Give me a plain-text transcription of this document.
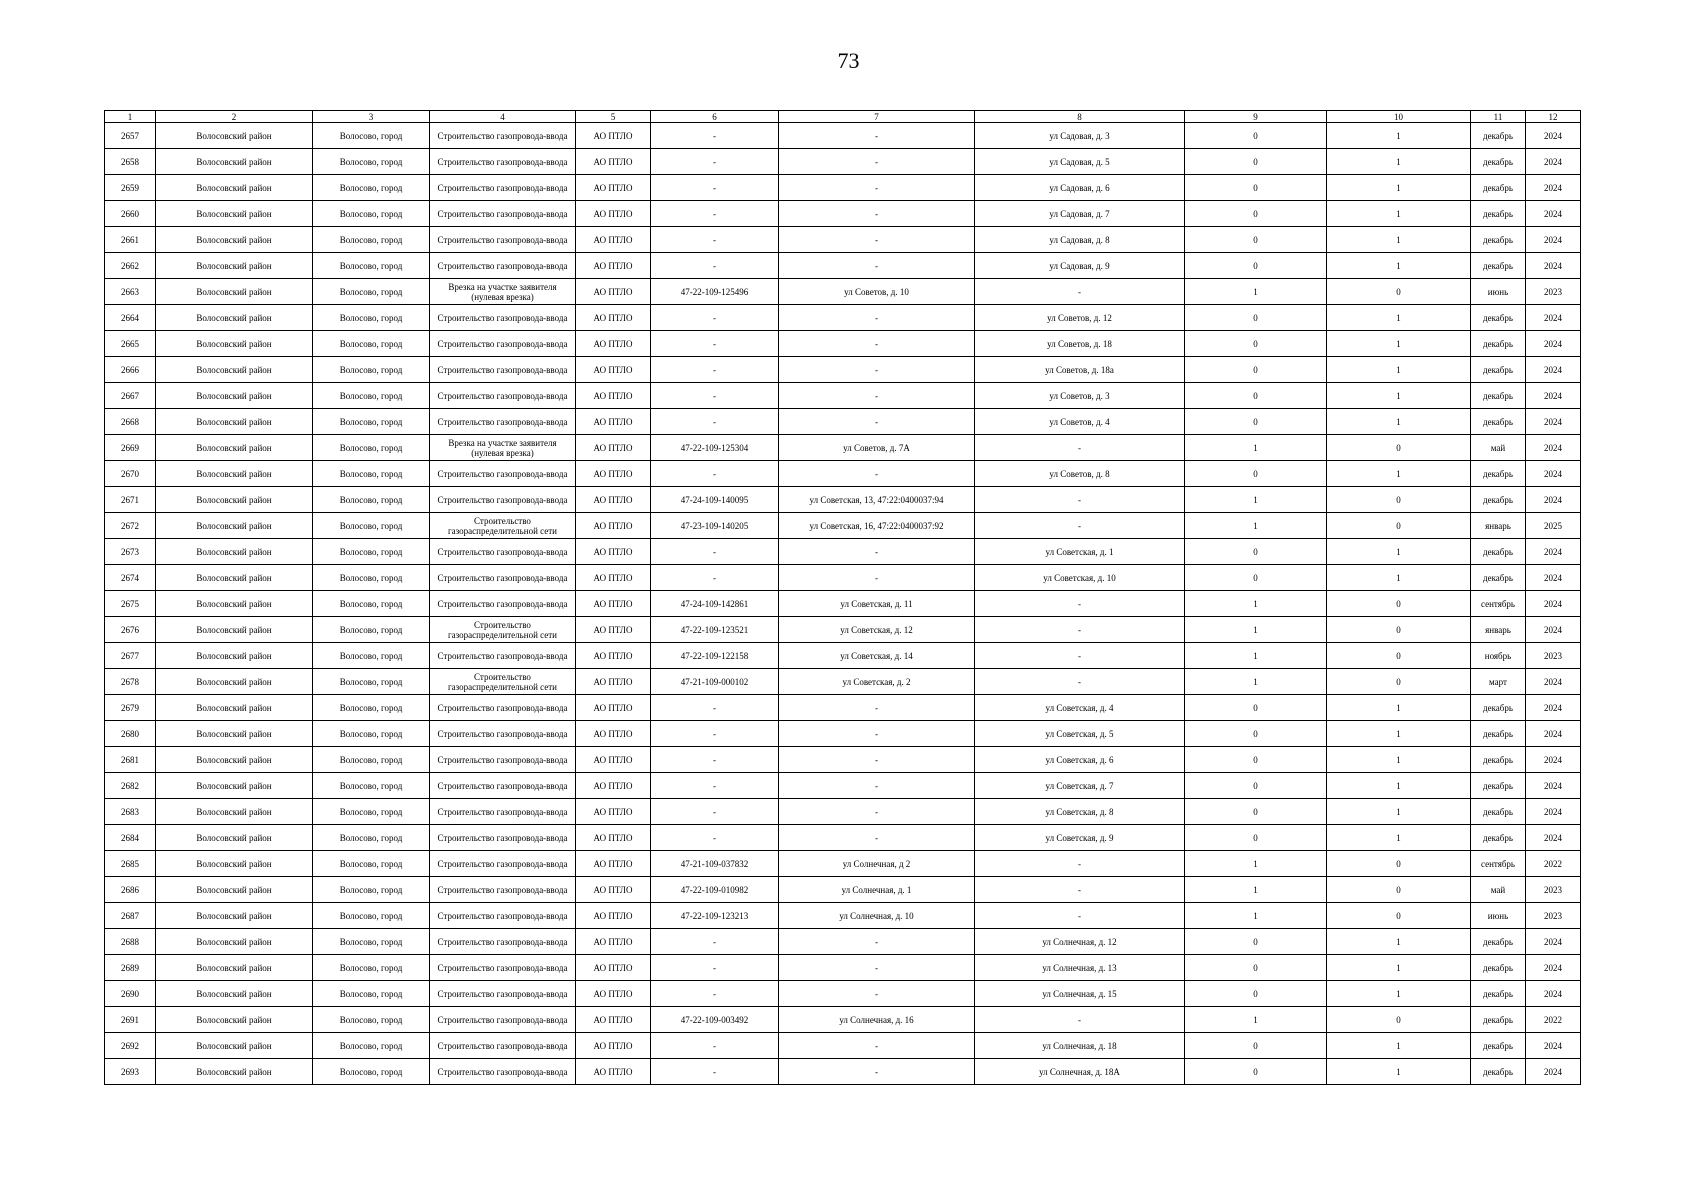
73
1	2	3	4	5	6	7	8	9	10	11	12
2657	Волосовский район	Волосово, город	Строительство газопровода-ввода	АО ПТЛО	-	-	ул Садовая, д. 3	0	1	декабрь	2024
2658	Волосовский район	Волосово, город	Строительство газопровода-ввода	АО ПТЛО	-	-	ул Садовая, д. 5	0	1	декабрь	2024
2659	Волосовский район	Волосово, город	Строительство газопровода-ввода	АО ПТЛО	-	-	ул Садовая, д. 6	0	1	декабрь	2024
2660	Волосовский район	Волосово, город	Строительство газопровода-ввода	АО ПТЛО	-	-	ул Садовая, д. 7	0	1	декабрь	2024
2661	Волосовский район	Волосово, город	Строительство газопровода-ввода	АО ПТЛО	-	-	ул Садовая, д. 8	0	1	декабрь	2024
2662	Волосовский район	Волосово, город	Строительство газопровода-ввода	АО ПТЛО	-	-	ул Садовая, д. 9	0	1	декабрь	2024
2663	Волосовский район	Волосово, город	Врезка на участке заявителя (нулевая врезка)	АО ПТЛО	47-22-109-125496	ул Советов, д. 10	-	1	0	июнь	2023
2664	Волосовский район	Волосово, город	Строительство газопровода-ввода	АО ПТЛО	-	-	ул Советов, д. 12	0	1	декабрь	2024
2665	Волосовский район	Волосово, город	Строительство газопровода-ввода	АО ПТЛО	-	-	ул Советов, д. 18	0	1	декабрь	2024
2666	Волосовский район	Волосово, город	Строительство газопровода-ввода	АО ПТЛО	-	-	ул Советов, д. 18а	0	1	декабрь	2024
2667	Волосовский район	Волосово, город	Строительство газопровода-ввода	АО ПТЛО	-	-	ул Советов, д. 3	0	1	декабрь	2024
2668	Волосовский район	Волосово, город	Строительство газопровода-ввода	АО ПТЛО	-	-	ул Советов, д. 4	0	1	декабрь	2024
2669	Волосовский район	Волосово, город	Врезка на участке заявителя (нулевая врезка)	АО ПТЛО	47-22-109-125304	ул Советов, д. 7А	-	1	0	май	2024
2670	Волосовский район	Волосово, город	Строительство газопровода-ввода	АО ПТЛО	-	-	ул Советов, д. 8	0	1	декабрь	2024
2671	Волосовский район	Волосово, город	Строительство газопровода-ввода	АО ПТЛО	47-24-109-140095	ул Советская, 13, 47:22:0400037:94	-	1	0	декабрь	2024
2672	Волосовский район	Волосово, город	Строительство газораспределительной сети	АО ПТЛО	47-23-109-140205	ул Советская, 16, 47:22:0400037:92	-	1	0	январь	2025
2673	Волосовский район	Волосово, город	Строительство газопровода-ввода	АО ПТЛО	-	-	ул Советская, д. 1	0	1	декабрь	2024
2674	Волосовский район	Волосово, город	Строительство газопровода-ввода	АО ПТЛО	-	-	ул Советская, д. 10	0	1	декабрь	2024
2675	Волосовский район	Волосово, город	Строительство газопровода-ввода	АО ПТЛО	47-24-109-142861	ул Советская, д. 11	-	1	0	сентябрь	2024
2676	Волосовский район	Волосово, город	Строительство газораспределительной сети	АО ПТЛО	47-22-109-123521	ул Советская, д. 12	-	1	0	январь	2024
2677	Волосовский район	Волосово, город	Строительство газопровода-ввода	АО ПТЛО	47-22-109-122158	ул Советская, д. 14	-	1	0	ноябрь	2023
2678	Волосовский район	Волосово, город	Строительство газораспределительной сети	АО ПТЛО	47-21-109-000102	ул Советская, д. 2	-	1	0	март	2024
2679	Волосовский район	Волосово, город	Строительство газопровода-ввода	АО ПТЛО	-	-	ул Советская, д. 4	0	1	декабрь	2024
2680	Волосовский район	Волосово, город	Строительство газопровода-ввода	АО ПТЛО	-	-	ул Советская, д. 5	0	1	декабрь	2024
2681	Волосовский район	Волосово, город	Строительство газопровода-ввода	АО ПТЛО	-	-	ул Советская, д. 6	0	1	декабрь	2024
2682	Волосовский район	Волосово, город	Строительство газопровода-ввода	АО ПТЛО	-	-	ул Советская, д. 7	0	1	декабрь	2024
2683	Волосовский район	Волосово, город	Строительство газопровода-ввода	АО ПТЛО	-	-	ул Советская, д. 8	0	1	декабрь	2024
2684	Волосовский район	Волосово, город	Строительство газопровода-ввода	АО ПТЛО	-	-	ул Советская, д. 9	0	1	декабрь	2024
2685	Волосовский район	Волосово, город	Строительство газопровода-ввода	АО ПТЛО	47-21-109-037832	ул Солнечная, д 2	-	1	0	сентябрь	2022
2686	Волосовский район	Волосово, город	Строительство газопровода-ввода	АО ПТЛО	47-22-109-010982	ул Солнечная, д. 1	-	1	0	май	2023
2687	Волосовский район	Волосово, город	Строительство газопровода-ввода	АО ПТЛО	47-22-109-123213	ул Солнечная, д. 10	-	1	0	июнь	2023
2688	Волосовский район	Волосово, город	Строительство газопровода-ввода	АО ПТЛО	-	-	ул Солнечная, д. 12	0	1	декабрь	2024
2689	Волосовский район	Волосово, город	Строительство газопровода-ввода	АО ПТЛО	-	-	ул Солнечная, д. 13	0	1	декабрь	2024
2690	Волосовский район	Волосово, город	Строительство газопровода-ввода	АО ПТЛО	-	-	ул Солнечная, д. 15	0	1	декабрь	2024
2691	Волосовский район	Волосово, город	Строительство газопровода-ввода	АО ПТЛО	47-22-109-003492	ул Солнечная, д. 16	-	1	0	декабрь	2022
2692	Волосовский район	Волосово, город	Строительство газопровода-ввода	АО ПТЛО	-	-	ул Солнечная, д. 18	0	1	декабрь	2024
2693	Волосовский район	Волосово, город	Строительство газопровода-ввода	АО ПТЛО	-	-	ул Солнечная, д. 18А	0	1	декабрь	2024
